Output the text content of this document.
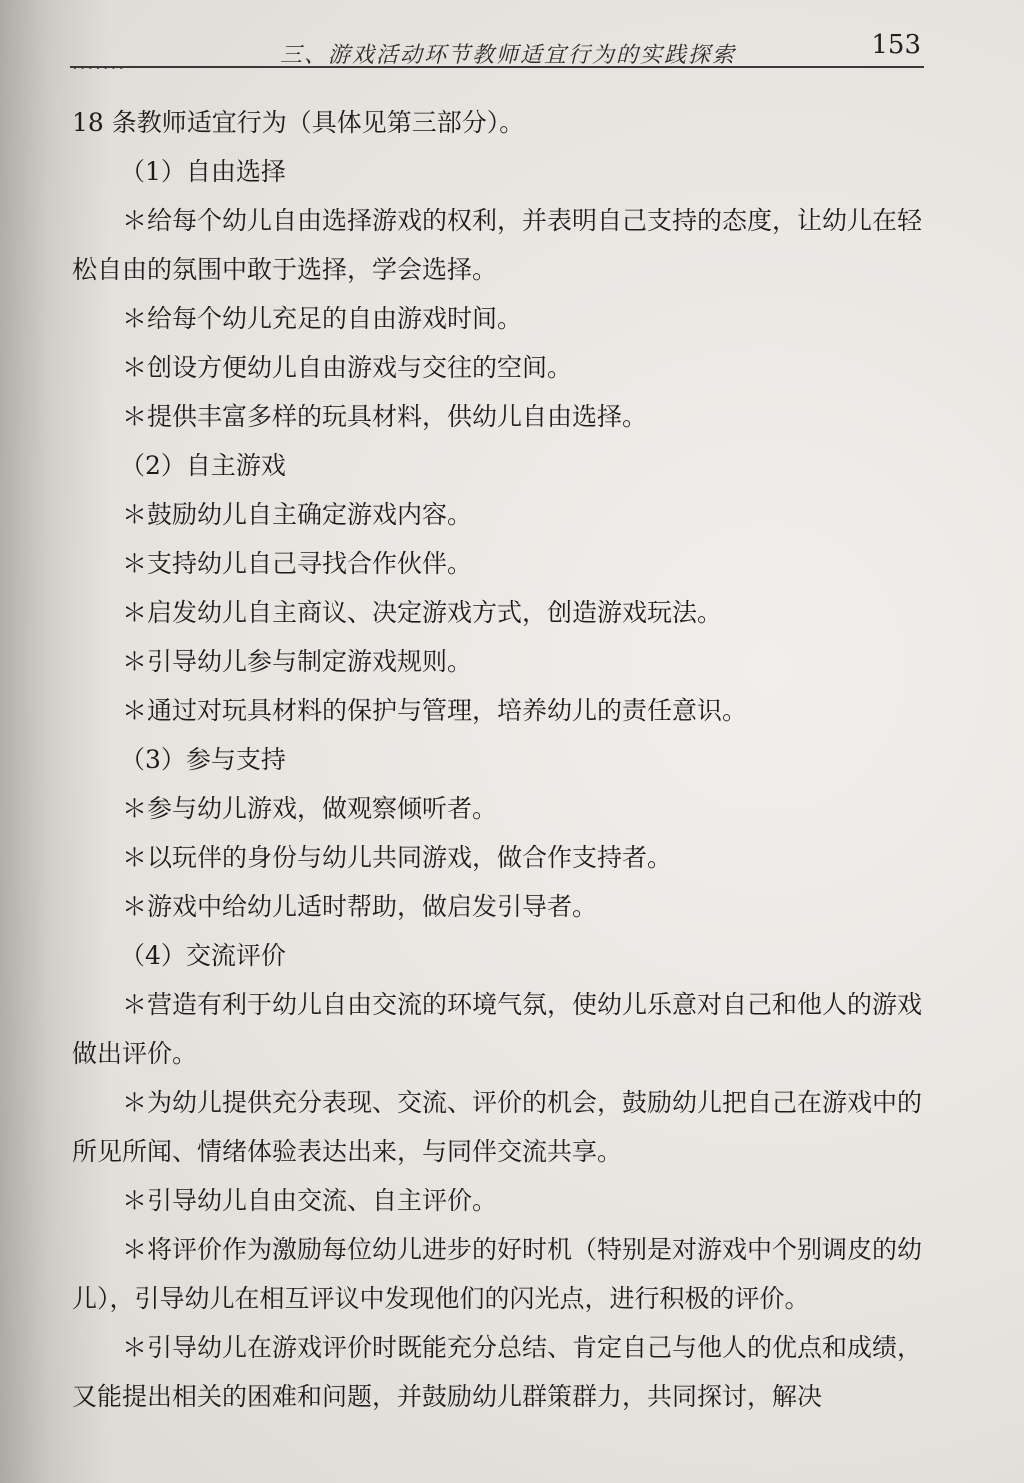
三、游戏活动环节教师适宜行为的实践探索	153
·······

18 条教师适宜行为（具体见第三部分）。

（1）自由选择

＊给每个幼儿自由选择游戏的权利，并表明自己支持的态度，让幼儿在轻松自由的氛围中敢于选择，学会选择。

＊给每个幼儿充足的自由游戏时间。

＊创设方便幼儿自由游戏与交往的空间。

＊提供丰富多样的玩具材料，供幼儿自由选择。

（2）自主游戏

＊鼓励幼儿自主确定游戏内容。

＊支持幼儿自己寻找合作伙伴。

＊启发幼儿自主商议、决定游戏方式，创造游戏玩法。

＊引导幼儿参与制定游戏规则。

＊通过对玩具材料的保护与管理，培养幼儿的责任意识。

（3）参与支持

＊参与幼儿游戏，做观察倾听者。

＊以玩伴的身份与幼儿共同游戏，做合作支持者。

＊游戏中给幼儿适时帮助，做启发引导者。

（4）交流评价

＊营造有利于幼儿自由交流的环境气氛，使幼儿乐意对自己和他人的游戏做出评价。

＊为幼儿提供充分表现、交流、评价的机会，鼓励幼儿把自己在游戏中的所见所闻、情绪体验表达出来，与同伴交流共享。

＊引导幼儿自由交流、自主评价。

＊将评价作为激励每位幼儿进步的好时机（特别是对游戏中个别调皮的幼儿），引导幼儿在相互评议中发现他们的闪光点，进行积极的评价。

＊引导幼儿在游戏评价时既能充分总结、肯定自己与他人的优点和成绩，又能提出相关的困难和问题，并鼓励幼儿群策群力，共同探讨，解决
